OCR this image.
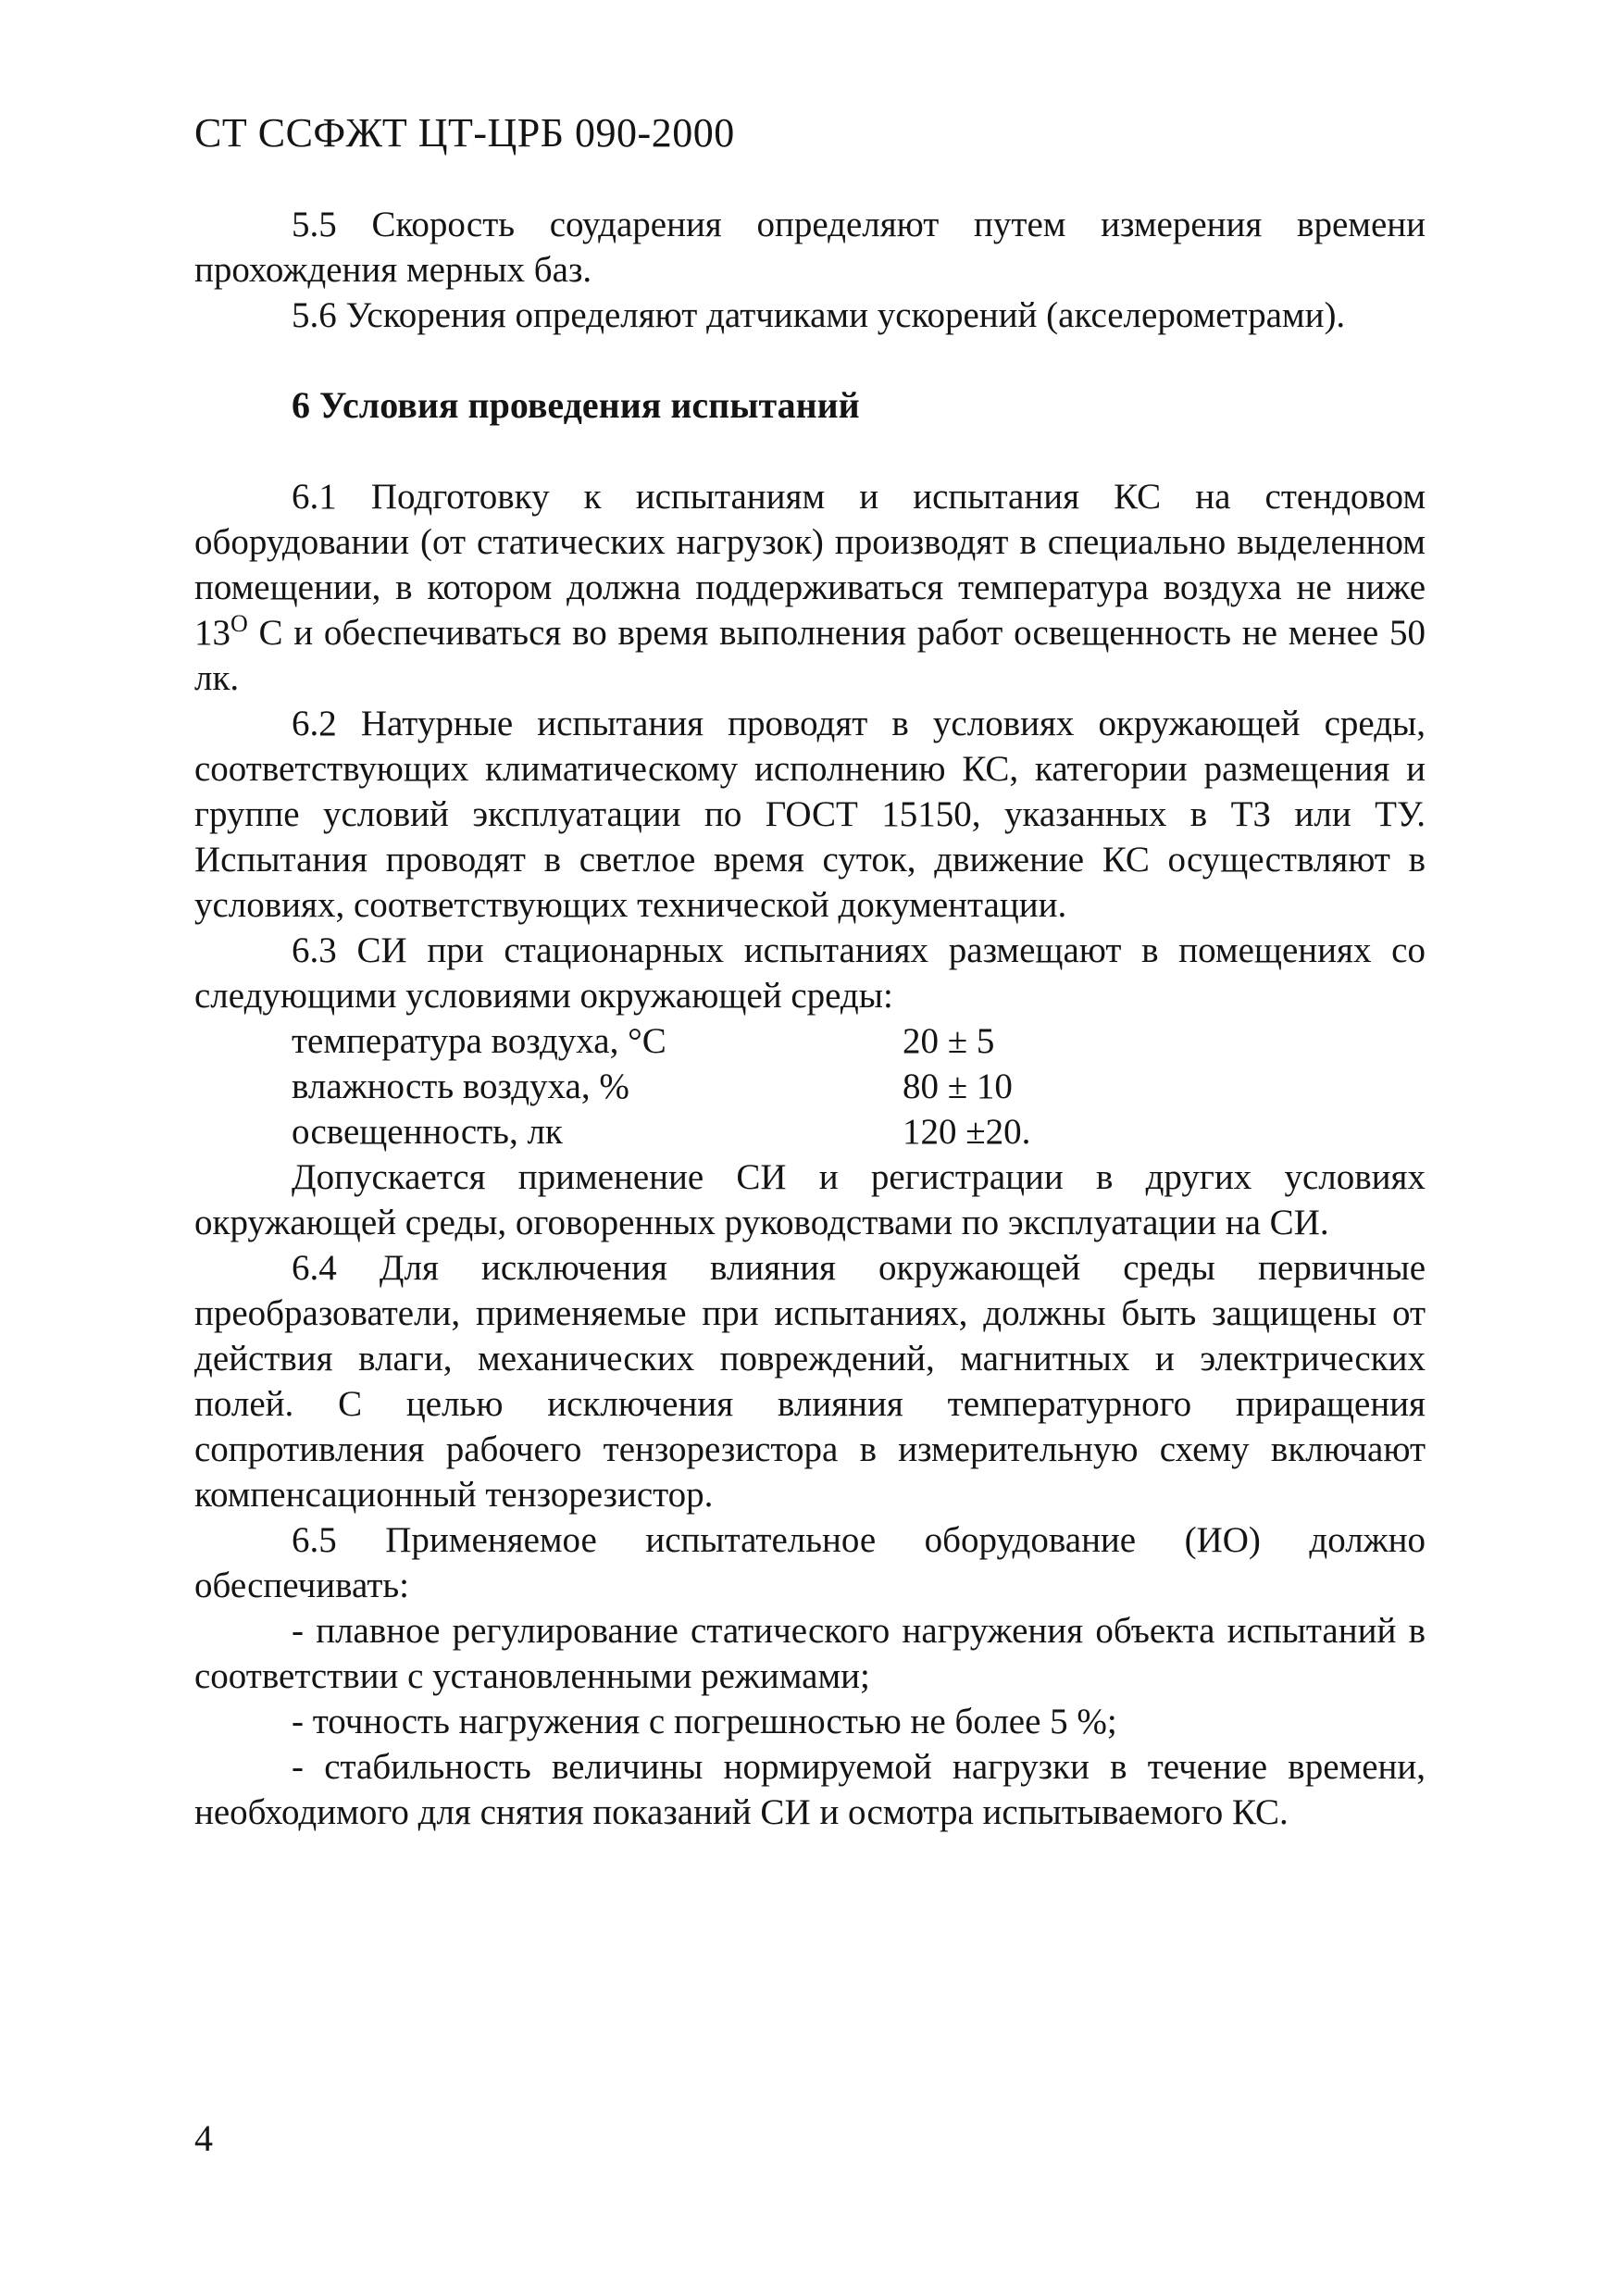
СТ ССФЖТ ЦТ-ЦРБ 090-2000

5.5 Скорость соударения определяют путем измерения времени прохождения мерных баз.

5.6 Ускорения определяют датчиками ускорений (акселерометрами).

6 Условия проведения испытаний

6.1 Подготовку к испытаниям и испытания КС на стендовом оборудовании (от статических нагрузок) производят в специально выделенном помещении, в котором должна поддерживаться температура воздуха не ниже $13^О$ С и обеспечиваться во время выполнения работ освещенность не менее 50 лк.

6.2 Натурные испытания проводят в условиях окружающей среды, соответствующих климатическому исполнению КС, категории размещения и группе условий эксплуатации по ГОСТ 15150, указанных в ТЗ или ТУ. Испытания проводят в светлое время суток, движение КС осуществляют в условиях, соответствующих технической документации.

6.3 СИ при стационарных испытаниях размещают в помещениях со следующими условиями окружающей среды:

температура воздуха, °С	20 ± 5
влажность воздуха, %	80 ± 10
освещенность, лк	120 ±20.

Допускается применение СИ и регистрации в других условиях окружающей среды, оговоренных руководствами по эксплуатации на СИ.

6.4 Для исключения влияния окружающей среды первичные преобразователи, применяемые при испытаниях, должны быть защищены от действия влаги, механических повреждений, магнитных и электрических полей. С целью исключения влияния температурного приращения сопротивления рабочего тензорезистора в измерительную схему включают компенсационный тензорезистор.

6.5 Применяемое испытательное оборудование (ИО) должно обеспечивать:

- плавное регулирование статического нагружения объекта испытаний в соответствии с установленными режимами;

- точность нагружения с погрешностью не более 5 %;

- стабильность величины нормируемой нагрузки в течение времени, необходимого для снятия показаний СИ и осмотра испытываемого КС.

4
